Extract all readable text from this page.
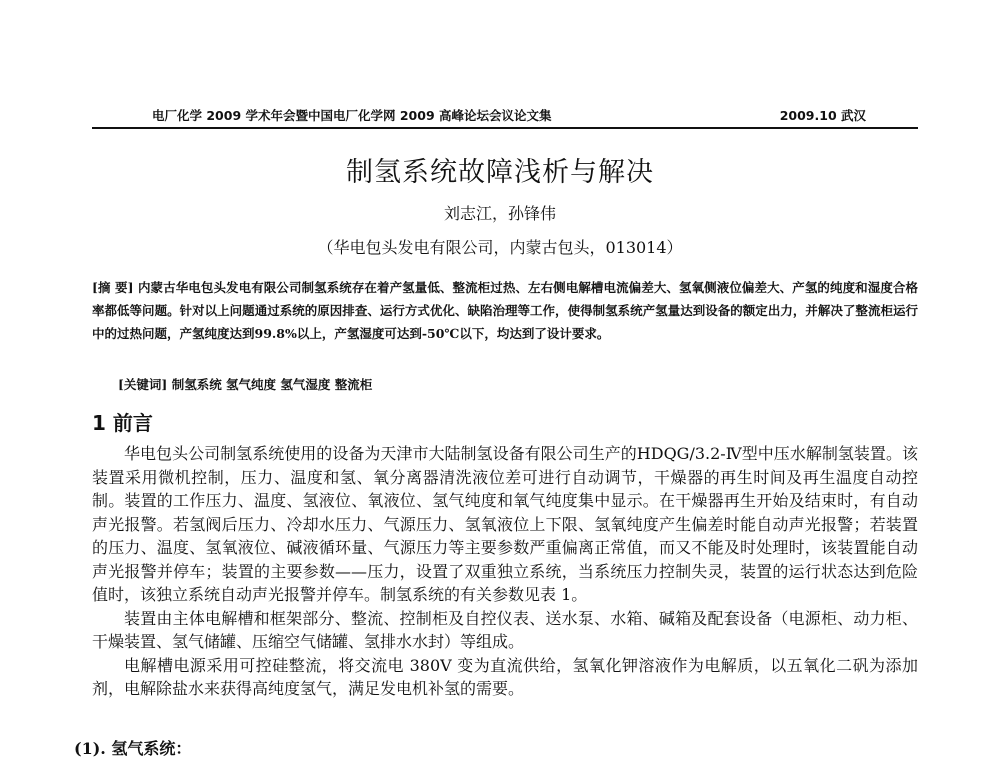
电厂化学 2009 学术年会暨中国电厂化学网 2009 高峰论坛会议论文集	2009.10 武汉
制氢系统故障浅析与解决
刘志江，孙锋伟
（华电包头发电有限公司，内蒙古包头，013014）
[摘 要] 内蒙古华电包头发电有限公司制氢系统存在着产氢量低、整流柜过热、左右侧电解槽电流偏差大、氢氧侧液位偏差大、产氢的纯度和湿度合格率都低等问题。针对以上问题通过系统的原因排查、运行方式优化、缺陷治理等工作，使得制氢系统产氢量达到设备的额定出力，并解决了整流柜运行中的过热问题，产氢纯度达到99.8%以上，产氢湿度可达到-50℃以下，均达到了设计要求。
[关键词] 制氢系统 氢气纯度 氢气湿度 整流柜
1 前言

华电包头公司制氢系统使用的设备为天津市大陆制氢设备有限公司生产的HDQG/3.2-Ⅳ型中压水解制氢装置。该装置采用微机控制，压力、温度和氢、氧分离器清洗液位差可进行自动调节，干燥器的再生时间及再生温度自动控制。装置的工作压力、温度、氢液位、氧液位、氢气纯度和氧气纯度集中显示。在干燥器再生开始及结束时，有自动声光报警。若氢阀后压力、冷却水压力、气源压力、氢氧液位上下限、氢氧纯度产生偏差时能自动声光报警；若装置的压力、温度、氢氧液位、碱液循环量、气源压力等主要参数严重偏离正常值，而又不能及时处理时，该装置能自动声光报警并停车；装置的主要参数——压力，设置了双重独立系统，当系统压力控制失灵，装置的运行状态达到危险值时，该独立系统自动声光报警并停车。制氢系统的有关参数见表 1。

装置由主体电解槽和框架部分、整流、控制柜及自控仪表、送水泵、水箱、碱箱及配套设备（电源柜、动力柜、干燥装置、氢气储罐、压缩空气储罐、氢排水水封）等组成。

电解槽电源采用可控硅整流，将交流电 380V 变为直流供给，氢氧化钾溶液作为电解质，以五氧化二矾为添加剂，电解除盐水来获得高纯度氢气，满足发电机补氢的需要。

(1). 氢气系统：
